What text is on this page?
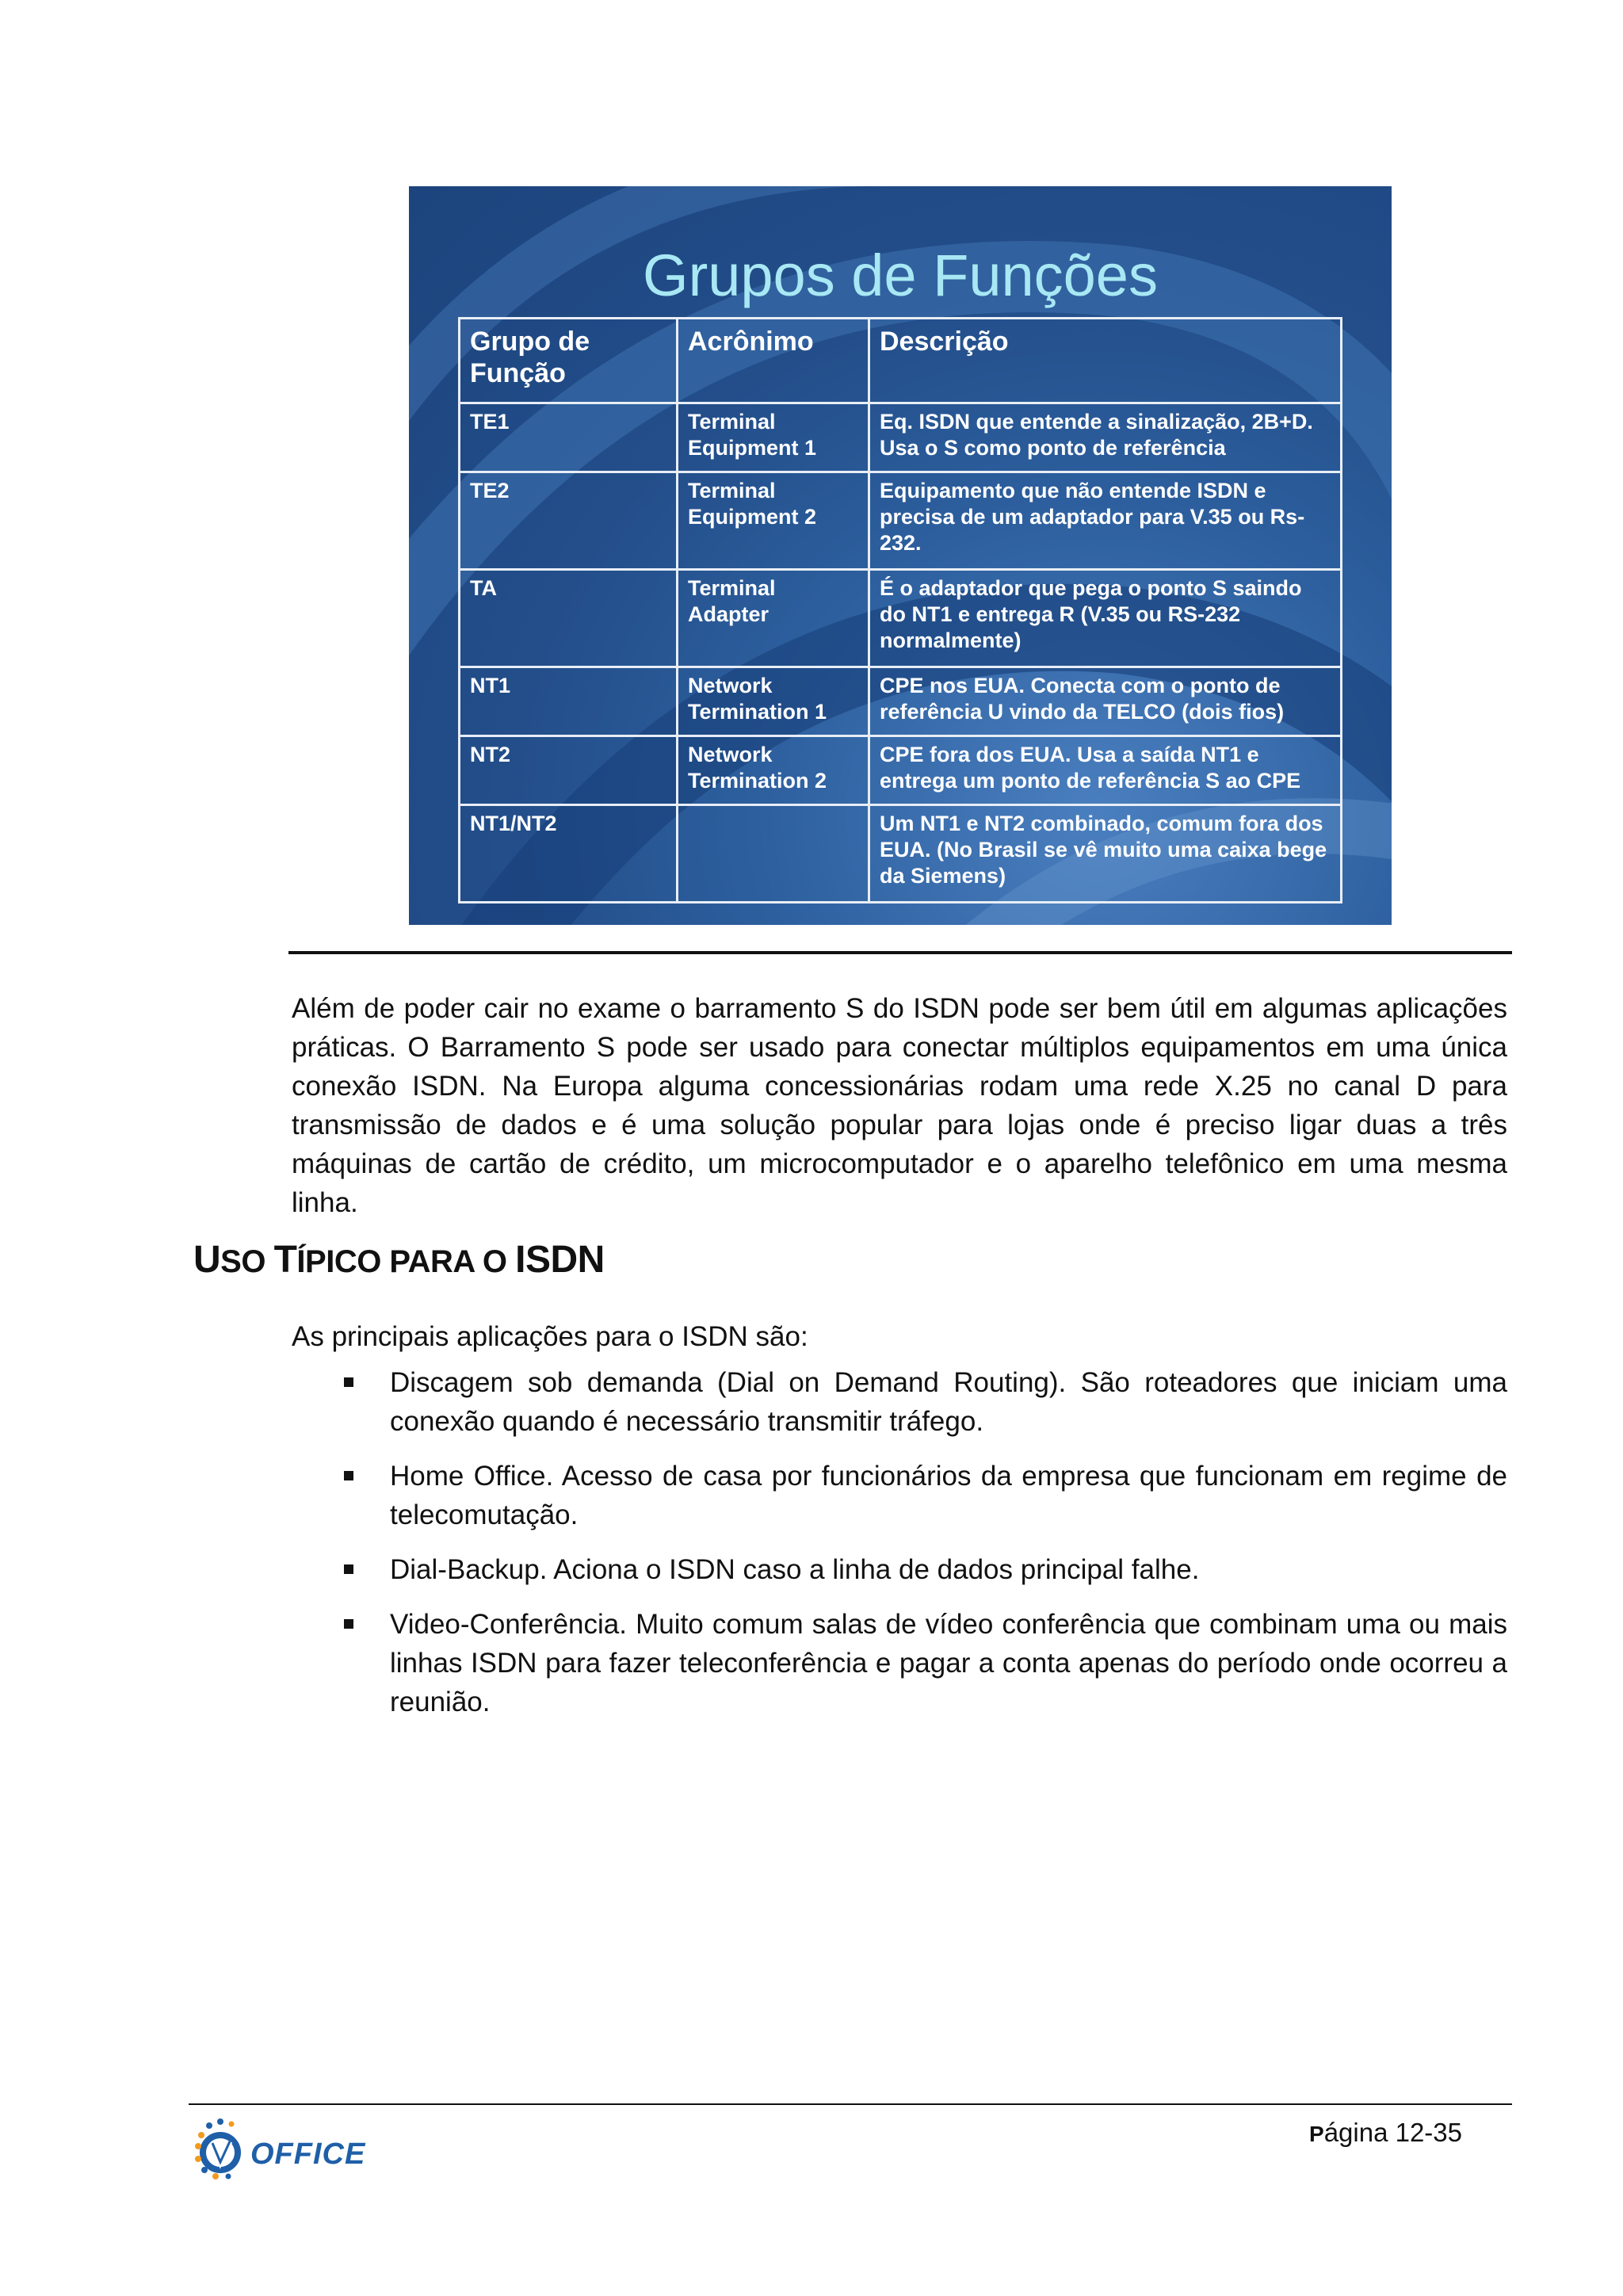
Grupos de Funções
Grupo de Função	Acrônimo	Descrição
TE1	Terminal Equipment 1	Eq. ISDN que entende a sinalização, 2B+D. Usa o S como ponto de referência
TE2	Terminal Equipment 2	Equipamento que não entende ISDN e precisa de um adaptador para V.35 ou Rs-232.
TA	Terminal Adapter	É o adaptador que pega o ponto S saindo do NT1 e entrega R (V.35 ou RS-232 normalmente)
NT1	Network Termination 1	CPE nos EUA. Conecta com o ponto de referência U vindo da TELCO (dois fios)
NT2	Network Termination 2	CPE fora dos EUA. Usa a saída NT1 e entrega um ponto de referência S ao CPE
NT1/NT2		Um NT1 e NT2 combinado, comum fora dos EUA. (No Brasil se vê muito uma caixa bege da Siemens)

Além de poder cair no exame o barramento S do ISDN pode ser bem útil em algumas aplicações práticas. O Barramento S pode ser usado para conectar múltiplos equipamentos em uma única conexão ISDN. Na Europa alguma concessionárias rodam uma rede X.25 no canal D para transmissão de dados e é uma solução popular para lojas onde é preciso ligar duas a três máquinas de cartão de crédito, um microcomputador e o aparelho telefônico em uma mesma linha.

USO TÍPICO PARA O ISDN
As principais aplicações para o ISDN são:
Discagem sob demanda (Dial on Demand Routing). São roteadores que iniciam uma conexão quando é necessário transmitir tráfego.
Home Office. Acesso de casa por funcionários da empresa que funcionam em regime de telecomutação.
Dial-Backup. Aciona o ISDN caso a linha de dados principal falhe.
Video-Conferência. Muito comum salas de vídeo conferência que combinam uma ou mais linhas ISDN para fazer teleconferência e pagar a conta apenas do período onde ocorreu a reunião.
OFFICE
Página 12-35
